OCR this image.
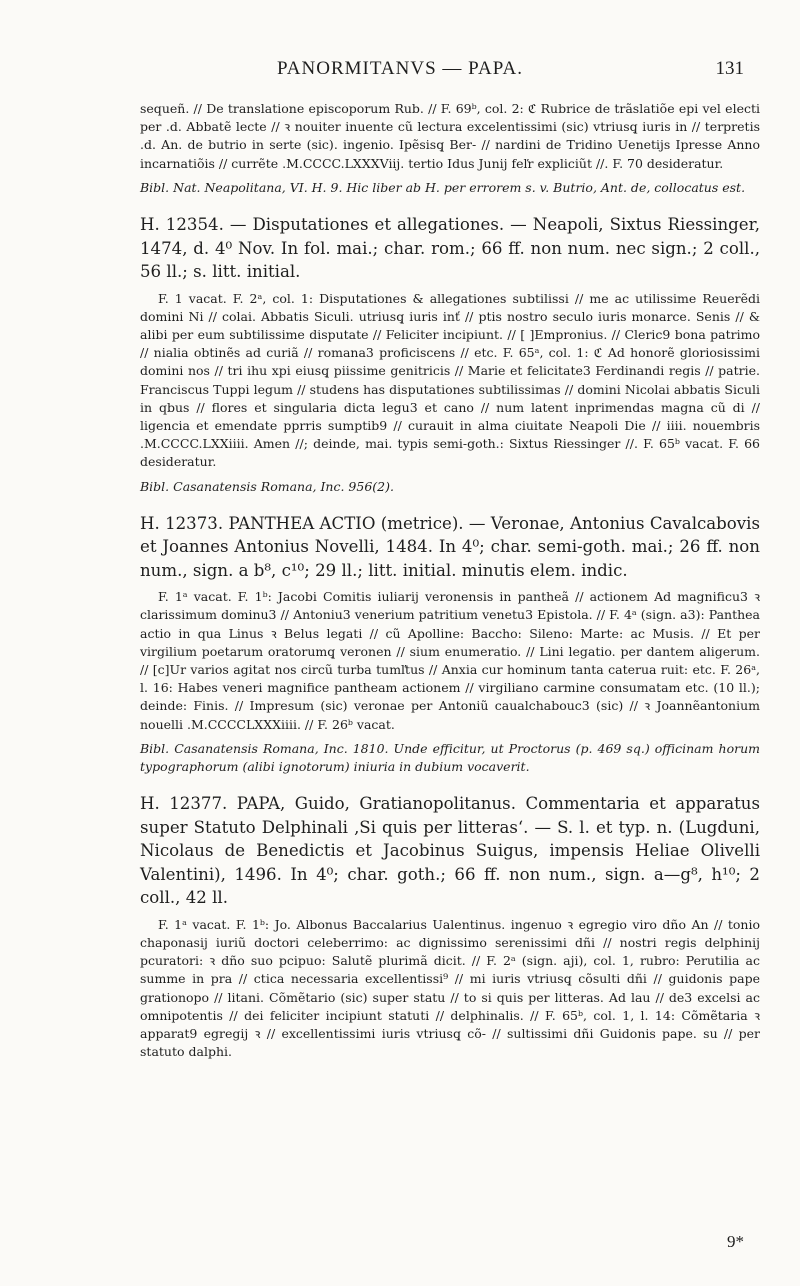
PANORMITANVS — PAPA.	131

sequeñ. // De translatione episcoporum Rub. // F. 69ᵇ, col. 2: ℭ Rubrice de trãslatiõe epi vel electi per .d. Abbatẽ lecte // ꝛ nouiter inuente cũ lectura excelentissimi (sic) vtriusq̧ iuris in // terpretis .d. An. de butrio in serte (sic). ingenio. Ipẽsisq̧ Ber- // nardini de Tridino Uenetijs Ipresse Anno incarnatiõis // currẽte .M.CCCC.LXXXViij. tertio Idus Junij feľr expliciũt //. F. 70 desideratur.

Bibl. Nat. Neapolitana, VI. H. 9. Hic liber ab H. per errorem s. v. Butrio, Ant. de, collocatus est.

H. 12354. — Disputationes et allegationes. — Neapoli, Sixtus Riessinger, 1474, d. 4⁰ Nov. In fol. mai.; char. rom.; 66 ff. non num. nec sign.; 2 coll., 56 ll.; s. litt. initial.

F. 1 vacat. F. 2ᵃ, col. 1: Disputationes & allegationes subtilissi // me ac utilissime Reuerẽdi domini Ni // colai. Abbatis Siculi. utriusq̧ iuris inť // ptis nostro seculo iuris monarce. Senis // & alibi per eum subtilissime disputate // Feliciter incipiunt. // [ ]Empronius. // Cleric9 bona patrimo // nialia obtinẽs ad curiã // romana3 proficiscens // etc. F. 65ᵃ, col. 1: ℭ Ad honorẽ gloriosissimi domini nos // tri ihu xpi eiusq̧ piissime genitricis // Marie et felicitate3 Ferdinandi regis // patrie. Franciscus Tuppi legum // studens has disputationes subtilissimas // domini Nicolai abbatis Siculi in qbus // flores et singularia dicta legu3 et cano // num latent inprimendas magna cũ di // ligencia et emendate pprris sumptib9 // curauit in alma ciuitate Neapoli Die // iiii. nouembris .M.CCCC.LXXiiii. Amen //; deinde, mai. typis semi-goth.: Sixtus Riessinger //. F. 65ᵇ vacat. F. 66 desideratur.

Bibl. Casanatensis Romana, Inc. 956(2).

H. 12373. PANTHEA ACTIO (metrice). — Veronae, Antonius Cavalcabovis et Joannes Antonius Novelli, 1484. In 4⁰; char. semi-goth. mai.; 26 ff. non num., sign. a b⁸, c¹⁰; 29 ll.; litt. initial. minutis elem. indic.

F. 1ᵃ vacat. F. 1ᵇ: Jacobi Comitis iuliarij veronensis in pantheã // actionem Ad magnificu3 ꝛ clarissimum dominu3 // Antoniu3 venerium patritium venetu3 Epistola. // F. 4ᵃ (sign. a3): Panthea actio in qua Linus ꝛ Belus legati // cũ Apolline: Baccho: Sileno: Marte: ac Musis. // Et per virgilium poetarum oratorumq̧ veronen // sium enumeratio. // Lini legatio. per dantem aligerum. // [c]Ur varios agitat nos circũ turba tumľtus // Anxia cur hominum tanta caterua ruit: etc. F. 26ᵃ, l. 16: Habes veneri magnifice pantheam actionem // virgiliano carmine consumatam etc. (10 ll.); deinde: Finis. // Impresum (sic) veronae per Antoniũ caualchabouc3 (sic) // ꝛ Joannẽantonium nouelli .M.CCCCLXXXiiii. // F. 26ᵇ vacat.

Bibl. Casanatensis Romana, Inc. 1810. Unde efficitur, ut Proctorus (p. 469 sq.) officinam horum typographorum (alibi ignotorum) iniuria in dubium vocaverit.

H. 12377. PAPA, Guido, Gratianopolitanus. Commentaria et apparatus super Statuto Delphinali ‚Si quis per litteras‘. — S. l. et typ. n. (Lugduni, Nicolaus de Benedictis et Jacobinus Suigus, impensis Heliae Olivelli Valentini), 1496. In 4⁰; char. goth.; 66 ff. non num., sign. a—g⁸, h¹⁰; 2 coll., 42 ll.

F. 1ᵃ vacat. F. 1ᵇ: Jo. Albonus Baccalarius Ualentinus. ingenuo ꝛ egregio viro dño An // tonio chaponasij iuriũ doctori celeberrimo: ac dignissimo serenissimi dñi // nostri regis delphinij pcuratori: ꝛ dño suo pcipuo: Salutẽ plurimã dicit. // F. 2ᵃ (sign. aji), col. 1, rubro: Perutilia ac summe in pra // ctica necessaria excellentissi⁹ // mi iuris vtriusq̧ cõsulti dñi // guidonis pape grationopo // litani. Cõmẽtario (sic) super statu // to si quis per litteras. Ad lau // de3 excelsi ac omnipotentis // dei feliciter incipiunt statuti // delphinalis. // F. 65ᵇ, col. 1, l. 14: Cõmẽtaria ꝛ apparat9 egregij ꝛ // excellentissimi iuris vtriusq̧ cõ- // sultissimi dñi Guidonis pape. su // per statuto dalphi.

9*
